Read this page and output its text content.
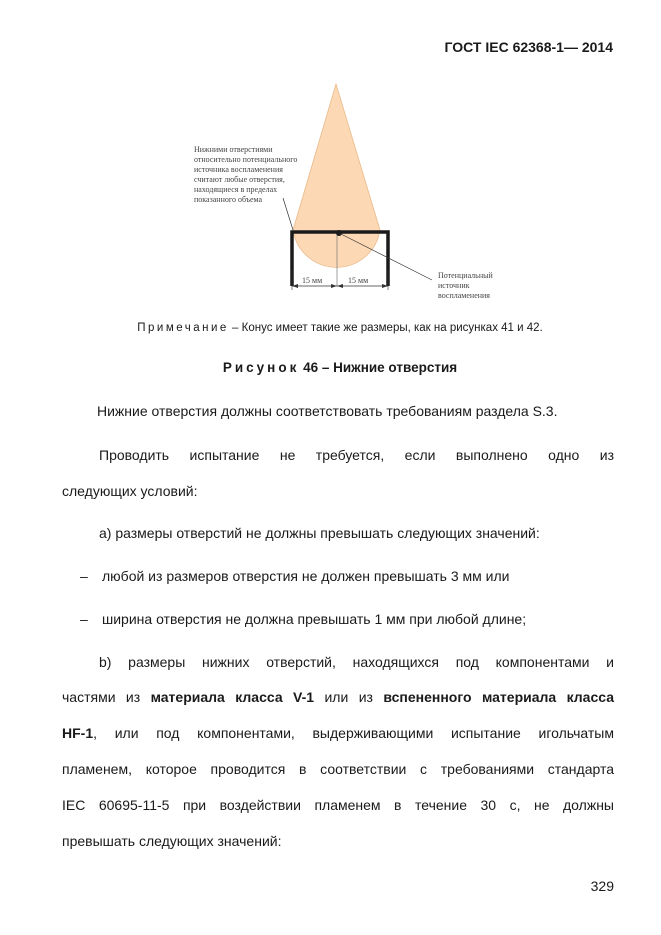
ГОСТ IEC 62368-1— 2014
15 мм	15 мм
Нижними отверстиями относительно потенциального источника воспламенения считают любые отверстия, находящиеся в пределах показанного объема
Потенциальный источник воспламенения
Примечание – Конус имеет такие же размеры, как на рисунках 41 и 42.
Рисунок 46 – Нижние отверстия
Нижние отверстия должны соответствовать требованиям раздела S.3.
Проводить испытание не требуется, если выполнено одно из
следующих условий:
а) размеры отверстий не должны превышать следующих значений:
– любой из размеров отверстия не должен превышать 3 мм или
– ширина отверстия не должна превышать 1 мм при любой длине;
b) размеры нижних отверстий, находящихся под компонентами и
частями из материала класса V-1 или из вспененного материала класса
HF-1, или под компонентами, выдерживающими испытание игольчатым
пламенем, которое проводится в соответствии с требованиями стандарта
IEC 60695-11-5 при воздействии пламенем в течение 30 с, не должны
превышать следующих значений:
329
